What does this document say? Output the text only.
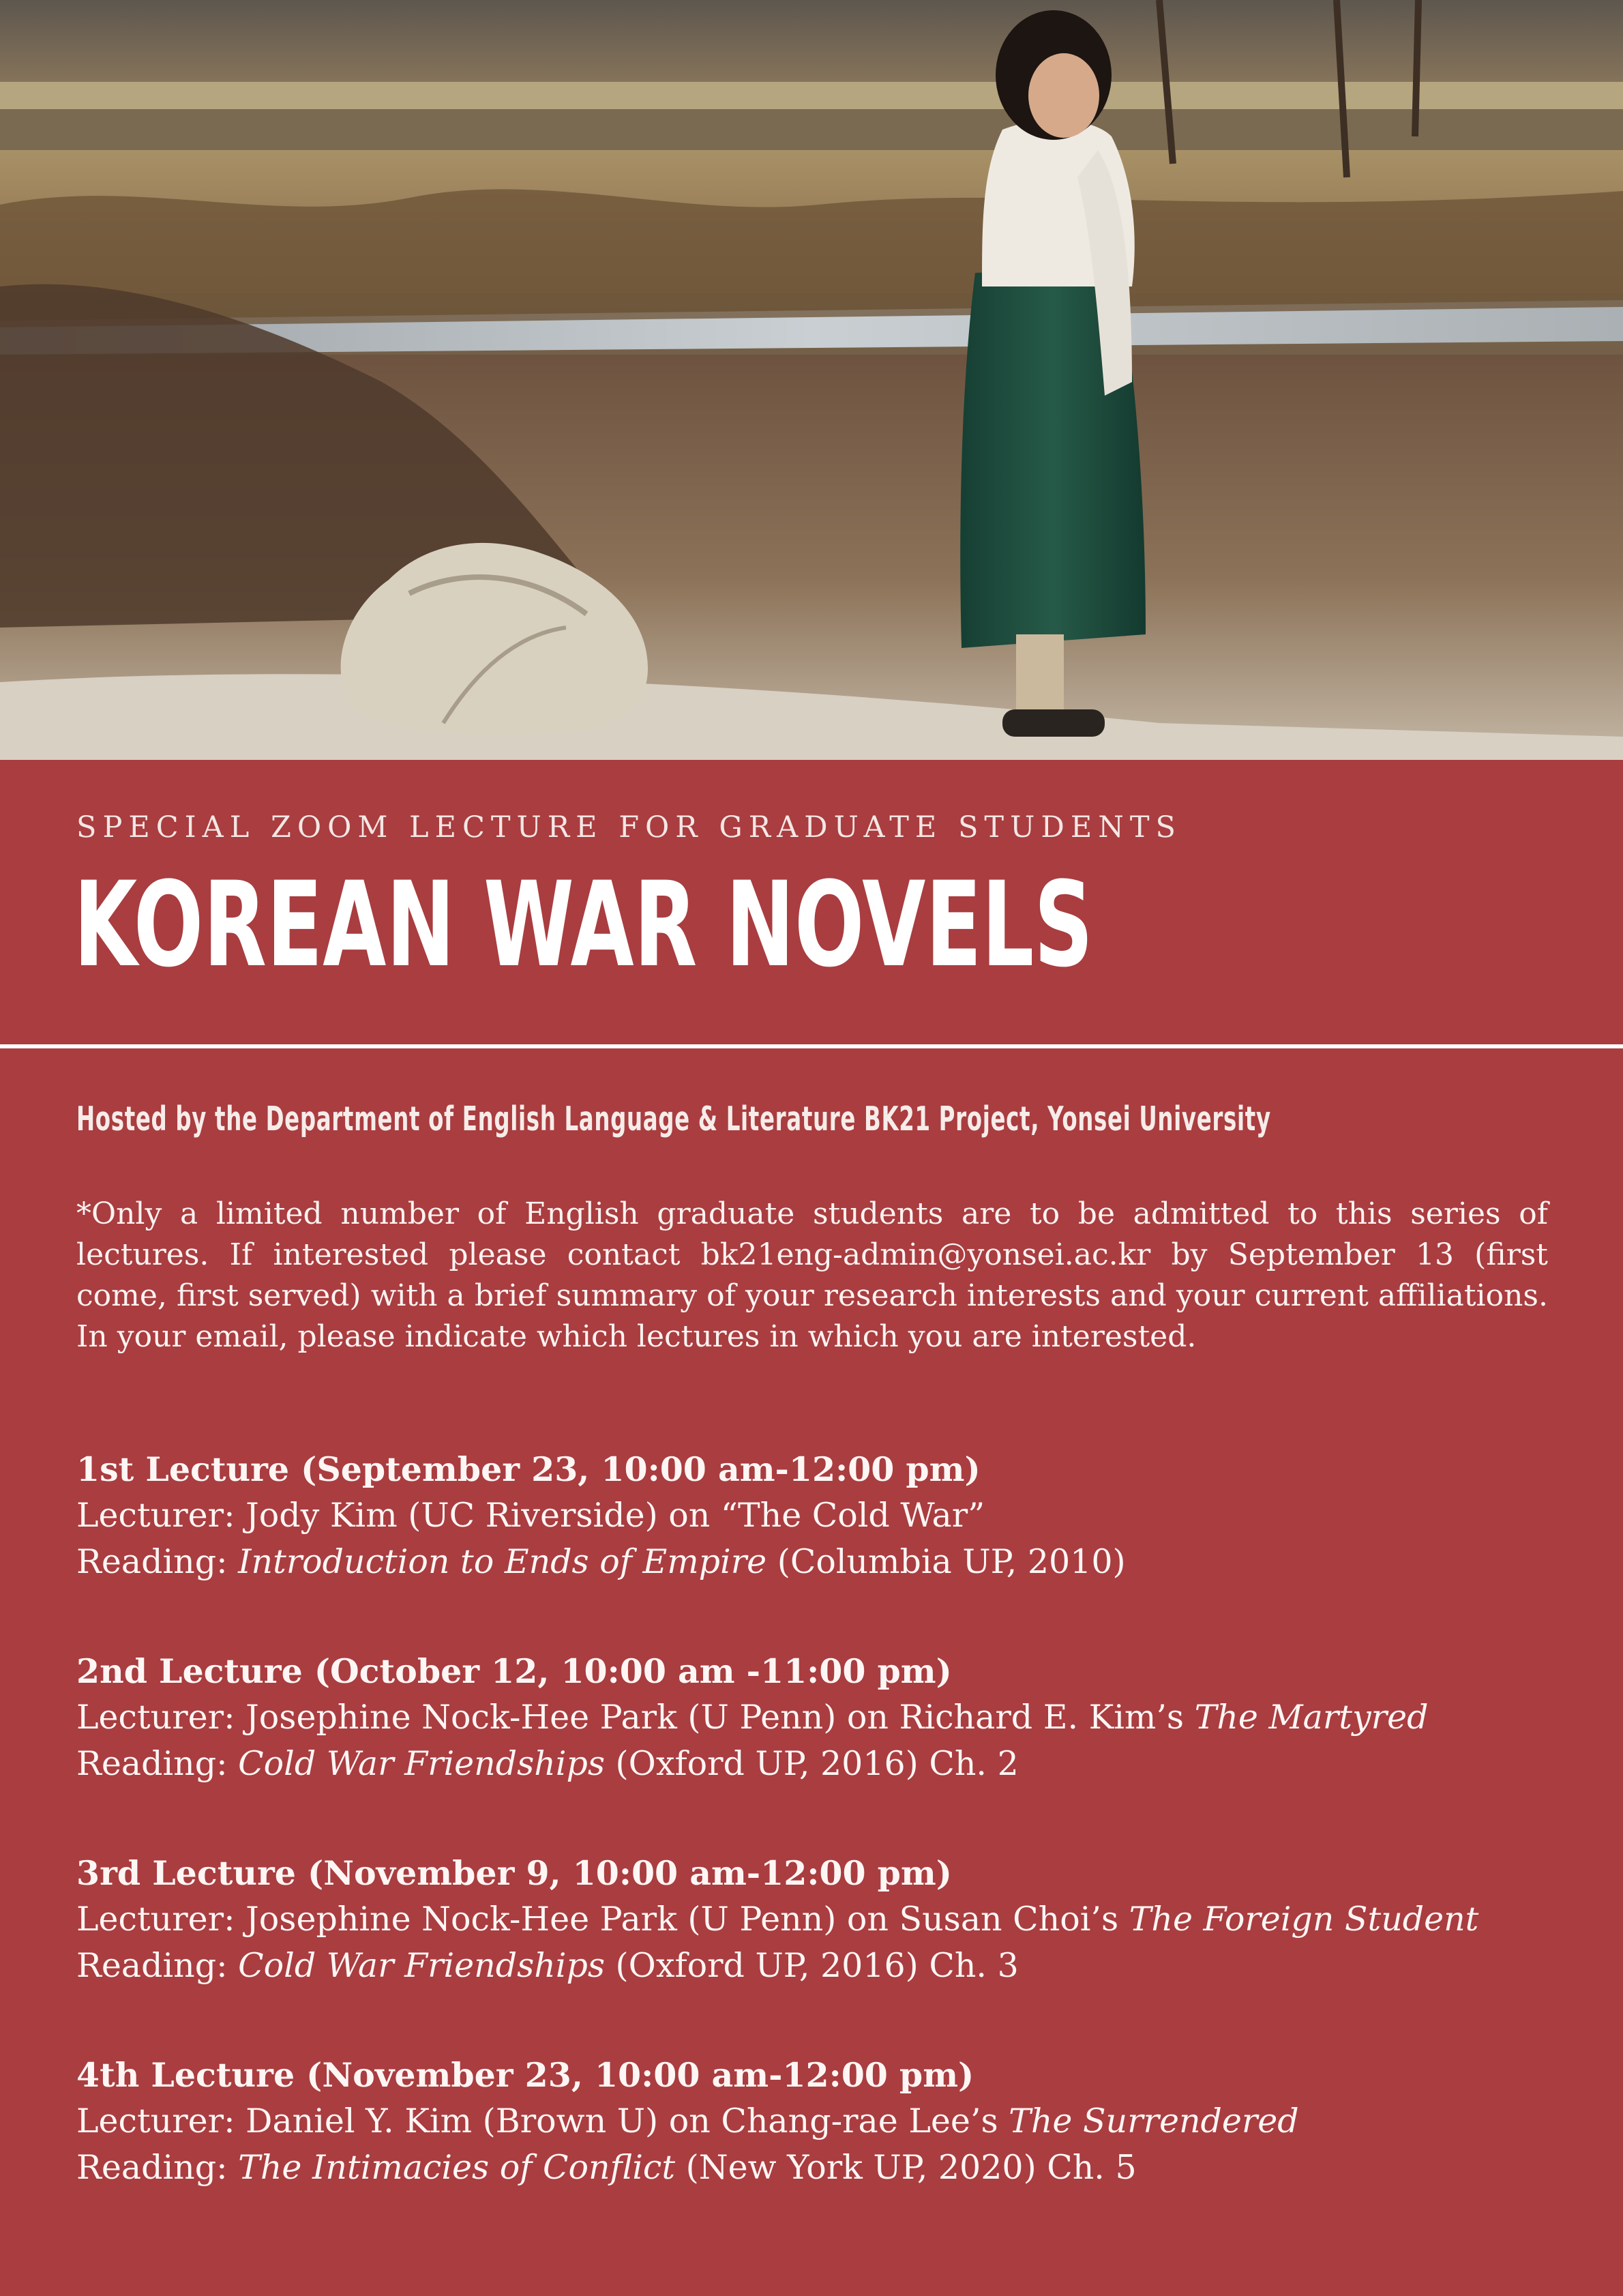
SPECIAL ZOOM LECTURE FOR GRADUATE STUDENTS
KOREAN WAR NOVELS
Hosted by the Department of English Language & Literature BK21 Project, Yonsei University
*Only a limited number of English graduate students are to be admitted to this series of lectures. If interested please contact bk21eng-admin@yonsei.ac.kr by September 13 (first come, first served) with a brief summary of your research interests and your current affiliations. In your email, please indicate which lectures in which you are interested.
1st Lecture (September 23, 10:00 am-12:00 pm)
Lecturer: Jody Kim (UC Riverside) on “The Cold War”
Reading: Introduction to Ends of Empire (Columbia UP, 2010)
2nd Lecture (October 12, 10:00 am -11:00 pm)
Lecturer: Josephine Nock-Hee Park (U Penn) on Richard E. Kim’s The Martyred
Reading: Cold War Friendships (Oxford UP, 2016) Ch. 2
3rd Lecture (November 9, 10:00 am-12:00 pm)
Lecturer: Josephine Nock-Hee Park (U Penn) on Susan Choi’s The Foreign Student
Reading: Cold War Friendships (Oxford UP, 2016) Ch. 3
4th Lecture (November 23, 10:00 am-12:00 pm)
Lecturer: Daniel Y. Kim (Brown U) on Chang-rae Lee’s The Surrendered
Reading: The Intimacies of Conflict (New York UP, 2020) Ch. 5
